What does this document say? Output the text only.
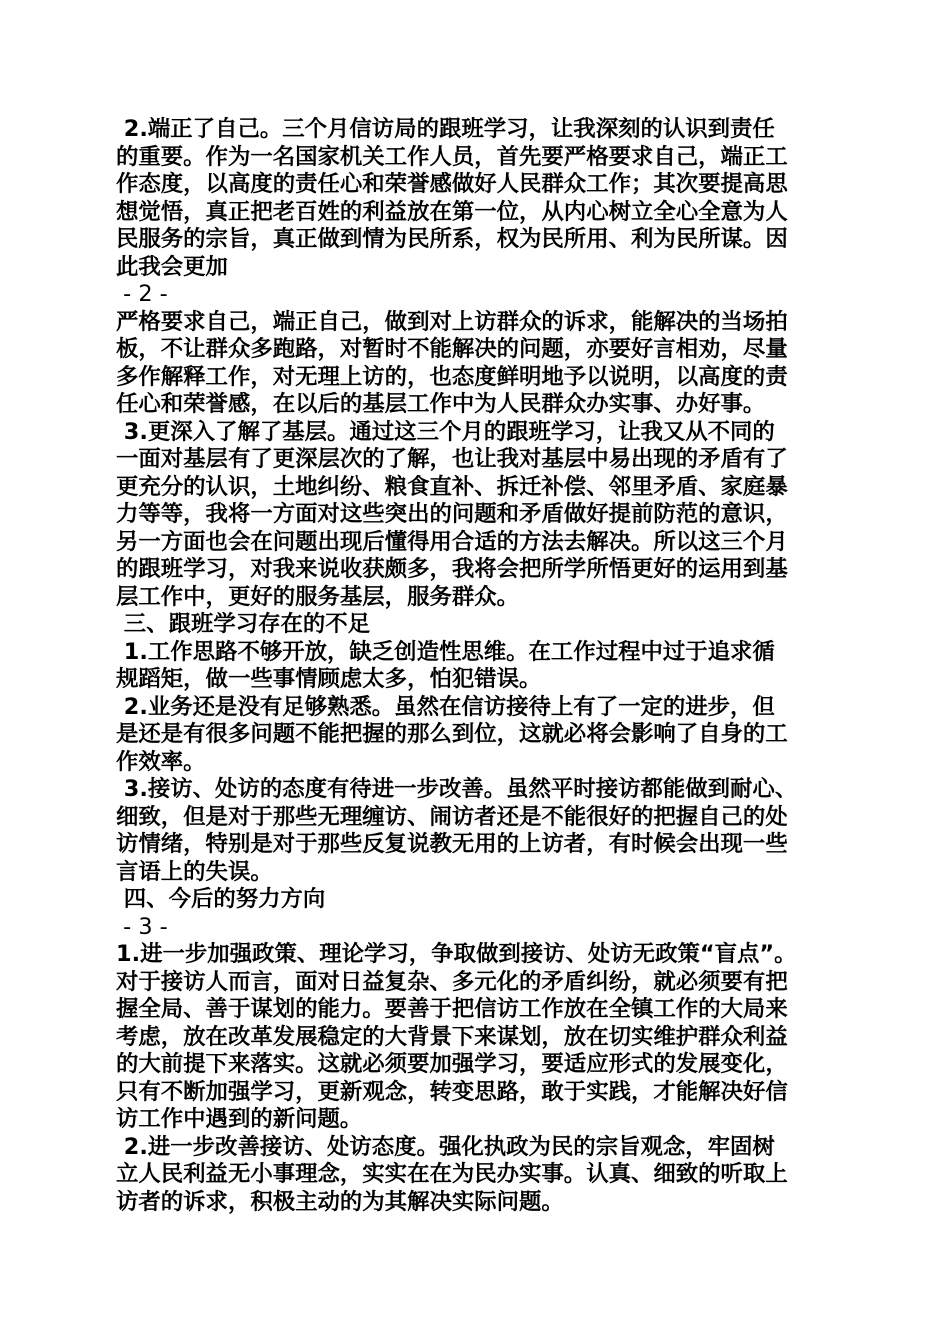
2.端正了自己。三个月信访局的跟班学习，让我深刻的认识到责任
的重要。作为一名国家机关工作人员，首先要严格要求自己，端正工
作态度，以高度的责任心和荣誉感做好人民群众工作；其次要提高思
想觉悟，真正把老百姓的利益放在第一位，从内心树立全心全意为人
民服务的宗旨，真正做到情为民所系，权为民所用、利为民所谋。因
此我会更加
- 2 -
严格要求自己，端正自己，做到对上访群众的诉求，能解决的当场拍
板，不让群众多跑路，对暂时不能解决的问题，亦要好言相劝，尽量
多作解释工作，对无理上访的，也态度鲜明地予以说明，以高度的责
任心和荣誉感，在以后的基层工作中为人民群众办实事、办好事。
3.更深入了解了基层。通过这三个月的跟班学习，让我又从不同的
一面对基层有了更深层次的了解，也让我对基层中易出现的矛盾有了
更充分的认识，土地纠纷、粮食直补、拆迁补偿、邻里矛盾、家庭暴
力等等，我将一方面对这些突出的问题和矛盾做好提前防范的意识，
另一方面也会在问题出现后懂得用合适的方法去解决。所以这三个月
的跟班学习，对我来说收获颇多，我将会把所学所悟更好的运用到基
层工作中，更好的服务基层，服务群众。
三、跟班学习存在的不足
1.工作思路不够开放，缺乏创造性思维。在工作过程中过于追求循
规蹈矩，做一些事情顾虑太多，怕犯错误。
2.业务还是没有足够熟悉。虽然在信访接待上有了一定的进步，但
是还是有很多问题不能把握的那么到位，这就必将会影响了自身的工
作效率。
3.接访、处访的态度有待进一步改善。虽然平时接访都能做到耐心、
细致，但是对于那些无理缠访、闹访者还是不能很好的把握自己的处
访情绪，特别是对于那些反复说教无用的上访者，有时候会出现一些
言语上的失误。
四、今后的努力方向
- 3 -
1.进一步加强政策、理论学习，争取做到接访、处访无政策“盲点”。
对于接访人而言，面对日益复杂、多元化的矛盾纠纷，就必须要有把
握全局、善于谋划的能力。要善于把信访工作放在全镇工作的大局来
考虑，放在改革发展稳定的大背景下来谋划，放在切实维护群众利益
的大前提下来落实。这就必须要加强学习，要适应形式的发展变化，
只有不断加强学习，更新观念，转变思路，敢于实践，才能解决好信
访工作中遇到的新问题。
2.进一步改善接访、处访态度。强化执政为民的宗旨观念，牢固树
立人民利益无小事理念，实实在在为民办实事。认真、细致的听取上
访者的诉求，积极主动的为其解决实际问题。
